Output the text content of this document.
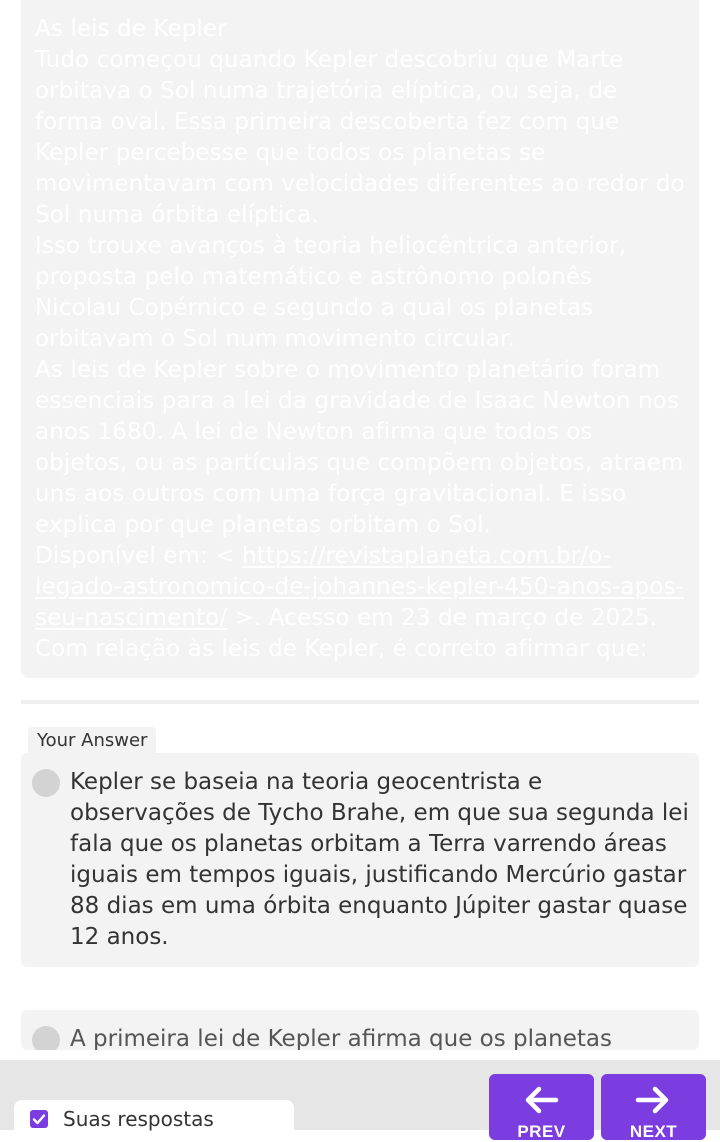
As leis de Kepler

Tudo começou quando Kepler descobriu que Marte orbitava o Sol numa trajetória elíptica, ou seja, de forma oval. Essa primeira descoberta fez com que Kepler percebesse que todos os planetas se movimentavam com velocidades diferentes ao redor do Sol numa órbita elíptica.

Isso trouxe avanços à teoria heliocêntrica anterior, proposta pelo matemático e astrônomo polonês Nicolau Copérnico e segundo a qual os planetas orbitavam o Sol num movimento circular.

As leis de Kepler sobre o movimento planetário foram essenciais para a lei da gravidade de Isaac Newton nos anos 1680. A lei de Newton afirma que todos os objetos, ou as partículas que compõem objetos, atraem uns aos outros com uma força gravitacional. E isso explica por que planetas orbitam o Sol.

Disponível em: < https://revistaplaneta.com.br/o-legado-astronomico-de-johannes-kepler-450-anos-apos-seu-nascimento/ >. Acesso em 23 de março de 2025.

Com relação às leis de Kepler, é correto afirmar que:

Your Answer
Kepler se baseia na teoria geocentrista e observações de Tycho Brahe, em que sua segunda lei fala que os planetas orbitam a Terra varrendo áreas iguais em tempos iguais, justificando Mercúrio gastar 88 dias em uma órbita enquanto Júpiter gastar quase 12 anos.
A primeira lei de Kepler afirma que os planetas
Suas respostas
PREV	NEXT
